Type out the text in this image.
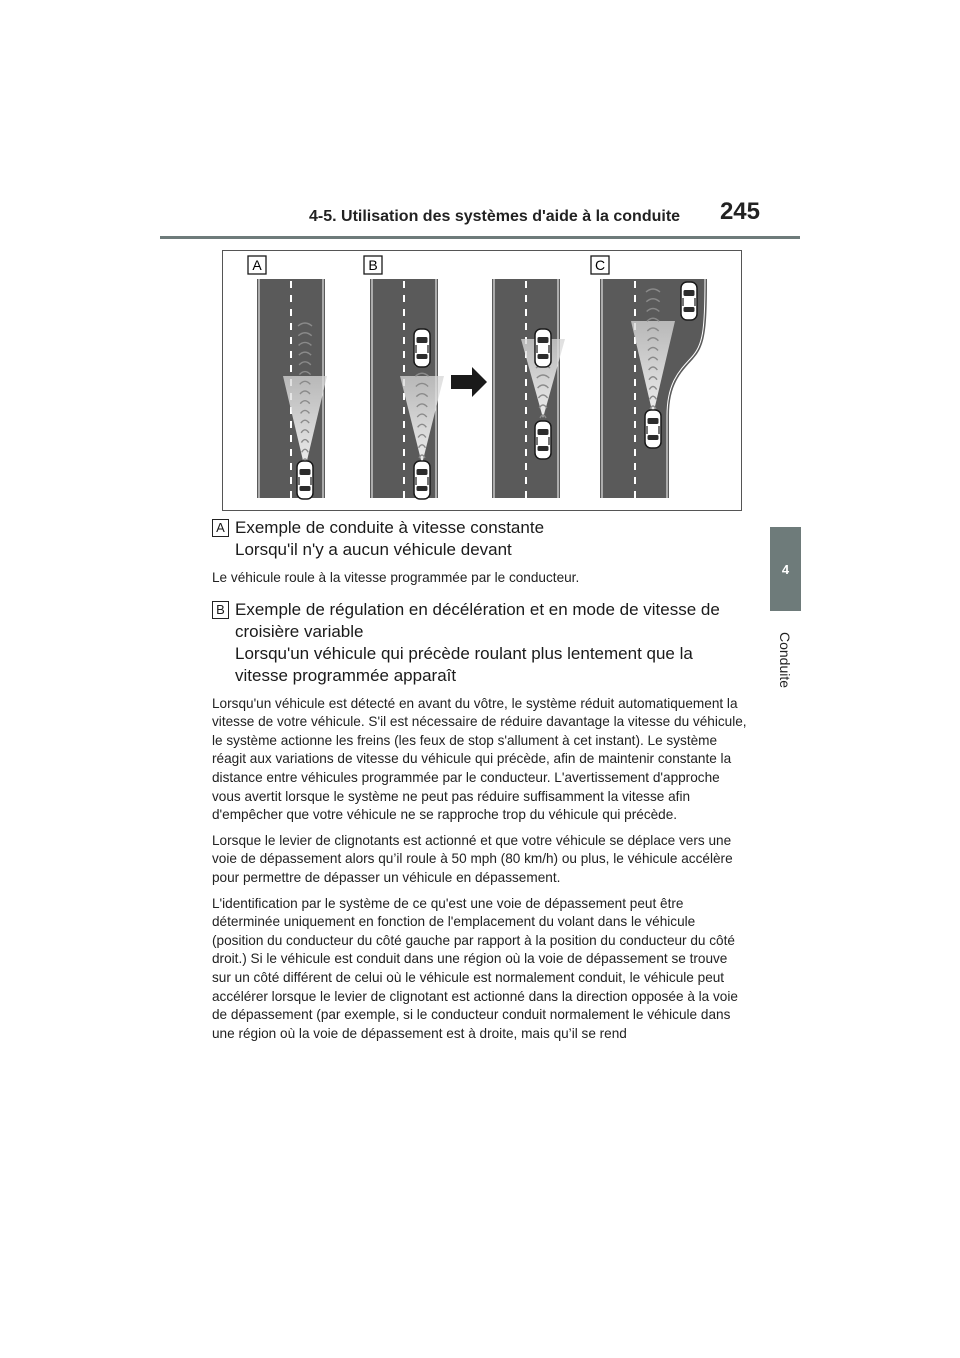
4-5. Utilisation des systèmes d'aide à la conduite 245
4
Conduite
A	B	C
A Exemple de conduite à vitesse constante
Lorsqu'il n'y a aucun véhicule devant

Le véhicule roule à la vitesse programmée par le conducteur.

B Exemple de régulation en décélération et en mode de vitesse de
croisière variable
Lorsqu'un véhicule qui précède roulant plus lentement que la
vitesse programmée apparaît

Lorsqu'un véhicule est détecté en avant du vôtre, le système réduit automatiquement la vitesse de votre véhicule. S'il est nécessaire de réduire davantage la vitesse du véhicule, le système actionne les freins (les feux de stop s'allument à cet instant). Le système réagit aux variations de vitesse du véhicule qui précède, afin de maintenir constante la distance entre véhicules programmée par le conducteur. L'avertissement d'approche vous avertit lorsque le système ne peut pas réduire suffisamment la vitesse afin d'empêcher que votre véhicule ne se rapproche trop du véhicule qui précède.

Lorsque le levier de clignotants est actionné et que votre véhicule se déplace vers une voie de dépassement alors qu’il roule à 50 mph (80 km/h) ou plus, le véhicule accélère pour permettre de dépasser un véhicule en dépassement.

L'identification par le système de ce qu'est une voie de dépassement peut être déterminée uniquement en fonction de l'emplacement du volant dans le véhicule (position du conducteur du côté gauche par rapport à la position du conducteur du côté droit.) Si le véhicule est conduit dans une région où la voie de dépassement se trouve sur un côté différent de celui où le véhicule est normalement conduit, le véhicule peut accélérer lorsque le levier de clignotant est actionné dans la direction opposée à la voie de dépassement (par exemple, si le conducteur conduit normalement le véhicule dans une région où la voie de dépassement est à droite, mais qu’il se rend
